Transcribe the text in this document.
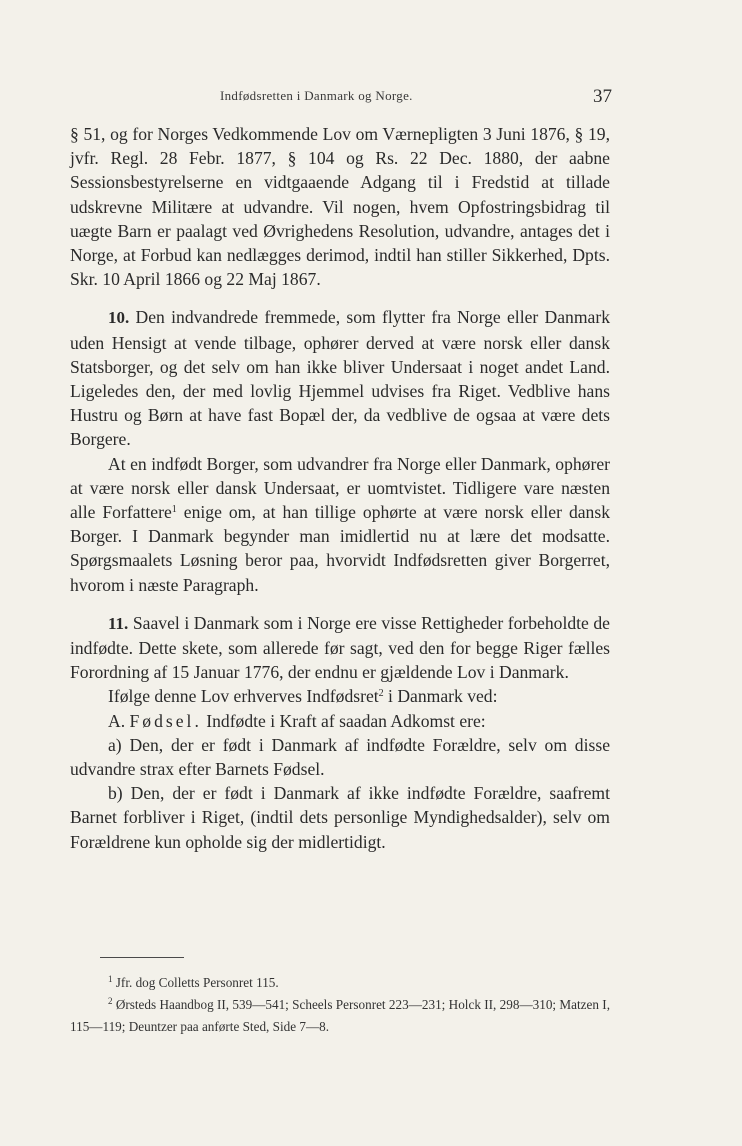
Indfødsretten i Danmark og Norge.	37

§ 51, og for Norges Vedkommende Lov om Værnepligten 3 Juni 1876, § 19, jvfr. Regl. 28 Febr. 1877, § 104 og Rs. 22 Dec. 1880, der aabne Sessionsbestyrelserne en vidtgaaende Adgang til i Fredstid at tillade udskrevne Militære at udvandre. Vil nogen, hvem Opfostringsbidrag til uægte Barn er paalagt ved Øvrighedens Resolution, udvandre, antages det i Norge, at Forbud kan nedlægges derimod, indtil han stiller Sikkerhed, Dpts. Skr. 10 April 1866 og 22 Maj 1867.

10. Den indvandrede fremmede, som flytter fra Norge eller Danmark uden Hensigt at vende tilbage, ophører derved at være norsk eller dansk Statsborger, og det selv om han ikke bliver Undersaat i noget andet Land. Ligeledes den, der med lovlig Hjemmel udvises fra Riget. Vedblive hans Hustru og Børn at have fast Bopæl der, da vedblive de ogsaa at være dets Borgere.

At en indfødt Borger, som udvandrer fra Norge eller Danmark, ophører at være norsk eller dansk Undersaat, er uomtvistet. Tidligere vare næsten alle Forfattere$^1$ enige om, at han tillige ophørte at være norsk eller dansk Borger. I Danmark begynder man imidlertid nu at lære det modsatte. Spørgsmaalets Løsning beror paa, hvorvidt Indfødsretten giver Borgerret, hvorom i næste Paragraph.

11. Saavel i Danmark som i Norge ere visse Rettigheder forbeholdte de indfødte. Dette skete, som allerede før sagt, ved den for begge Riger fælles Forordning af 15 Januar 1776, der endnu er gjældende Lov i Danmark.

Ifølge denne Lov erhverves Indfødsret$^2$ i Danmark ved:

A. Fødsel. Indfødte i Kraft af saadan Adkomst ere:

a) Den, der er født i Danmark af indfødte Forældre, selv om disse udvandre strax efter Barnets Fødsel.

b) Den, der er født i Danmark af ikke indfødte Forældre, saafremt Barnet forbliver i Riget, (indtil dets personlige Myndighedsalder), selv om Forældrene kun opholde sig der midlertidigt.

$^1$ Jfr. dog Colletts Personret 115.

$^2$ Ørsteds Haandbog II, 539—541; Scheels Personret 223—231; Holck II, 298—310; Matzen I, 115—119; Deuntzer paa anførte Sted, Side 7—8.
